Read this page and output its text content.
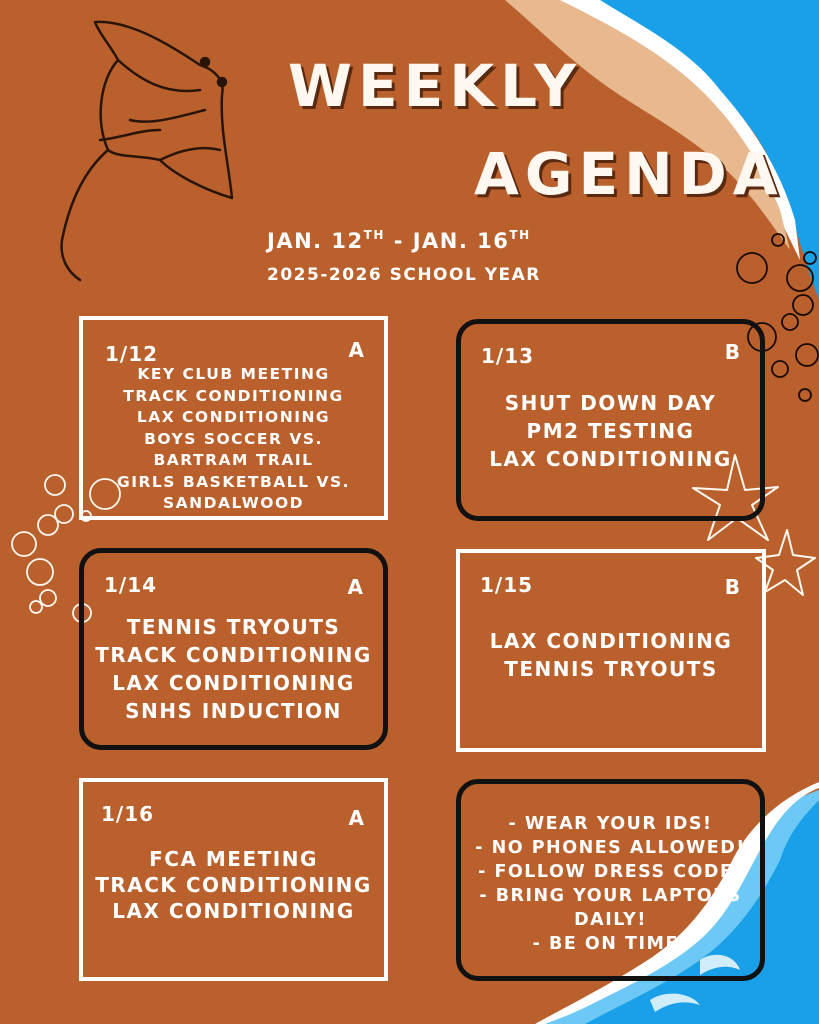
WEEKLY
AGENDA
JAN. 12TH - JAN. 16TH
2025-2026 SCHOOL YEAR
1/12	A
KEY CLUB MEETING
TRACK CONDITIONING
LAX CONDITIONING
BOYS SOCCER VS.
BARTRAM TRAIL
GIRLS BASKETBALL VS.
SANDALWOOD
1/13	B
SHUT DOWN DAY
PM2 TESTING
LAX CONDITIONING
1/14	A
TENNIS TRYOUTS
TRACK CONDITIONING
LAX CONDITIONING
SNHS INDUCTION
1/15	B
LAX CONDITIONING
TENNIS TRYOUTS
1/16	A
FCA MEETING
TRACK CONDITIONING
LAX CONDITIONING
- WEAR YOUR IDS!
- NO PHONES ALLOWED!
- FOLLOW DRESS CODE!
- BRING YOUR LAPTOPS
DAILY!
- BE ON TIME!
